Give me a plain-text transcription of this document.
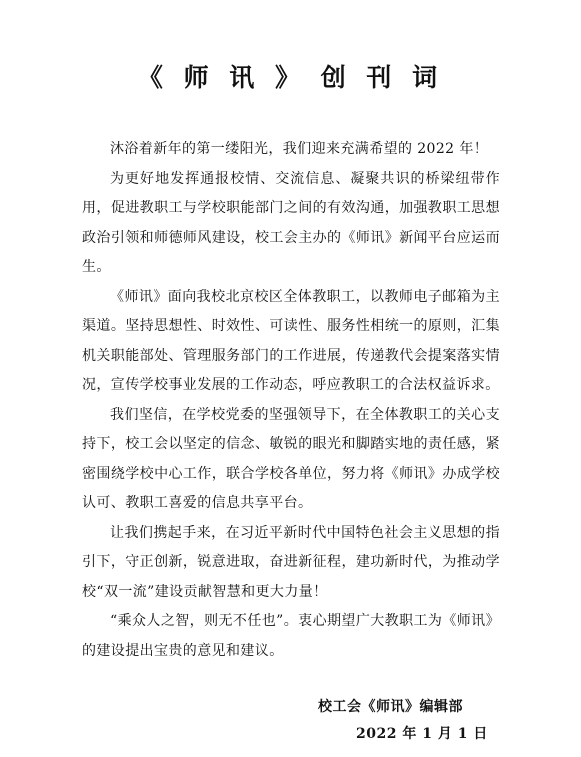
《 师 讯 》 创 刊 词

沐浴着新年的第一缕阳光，我们迎来充满希望的 2022 年！

为更好地发挥通报校情、交流信息、凝聚共识的桥梁纽带作用，促进教职工与学校职能部门之间的有效沟通，加强教职工思想政治引领和师德师风建设，校工会主办的《师讯》新闻平台应运而生。

《师讯》面向我校北京校区全体教职工，以教师电子邮箱为主渠道。坚持思想性、时效性、可读性、服务性相统一的原则，汇集机关职能部处、管理服务部门的工作进展，传递教代会提案落实情况，宣传学校事业发展的工作动态，呼应教职工的合法权益诉求。

我们坚信，在学校党委的坚强领导下，在全体教职工的关心支持下，校工会以坚定的信念、敏锐的眼光和脚踏实地的责任感，紧密围绕学校中心工作，联合学校各单位，努力将《师讯》办成学校认可、教职工喜爱的信息共享平台。

让我们携起手来，在习近平新时代中国特色社会主义思想的指引下，守正创新，锐意进取，奋进新征程，建功新时代，为推动学校“双一流”建设贡献智慧和更大力量！

“乘众人之智，则无不任也”。衷心期望广大教职工为《师讯》的建设提出宝贵的意见和建议。

校工会《师讯》编辑部
2022 年 1 月 1 日
